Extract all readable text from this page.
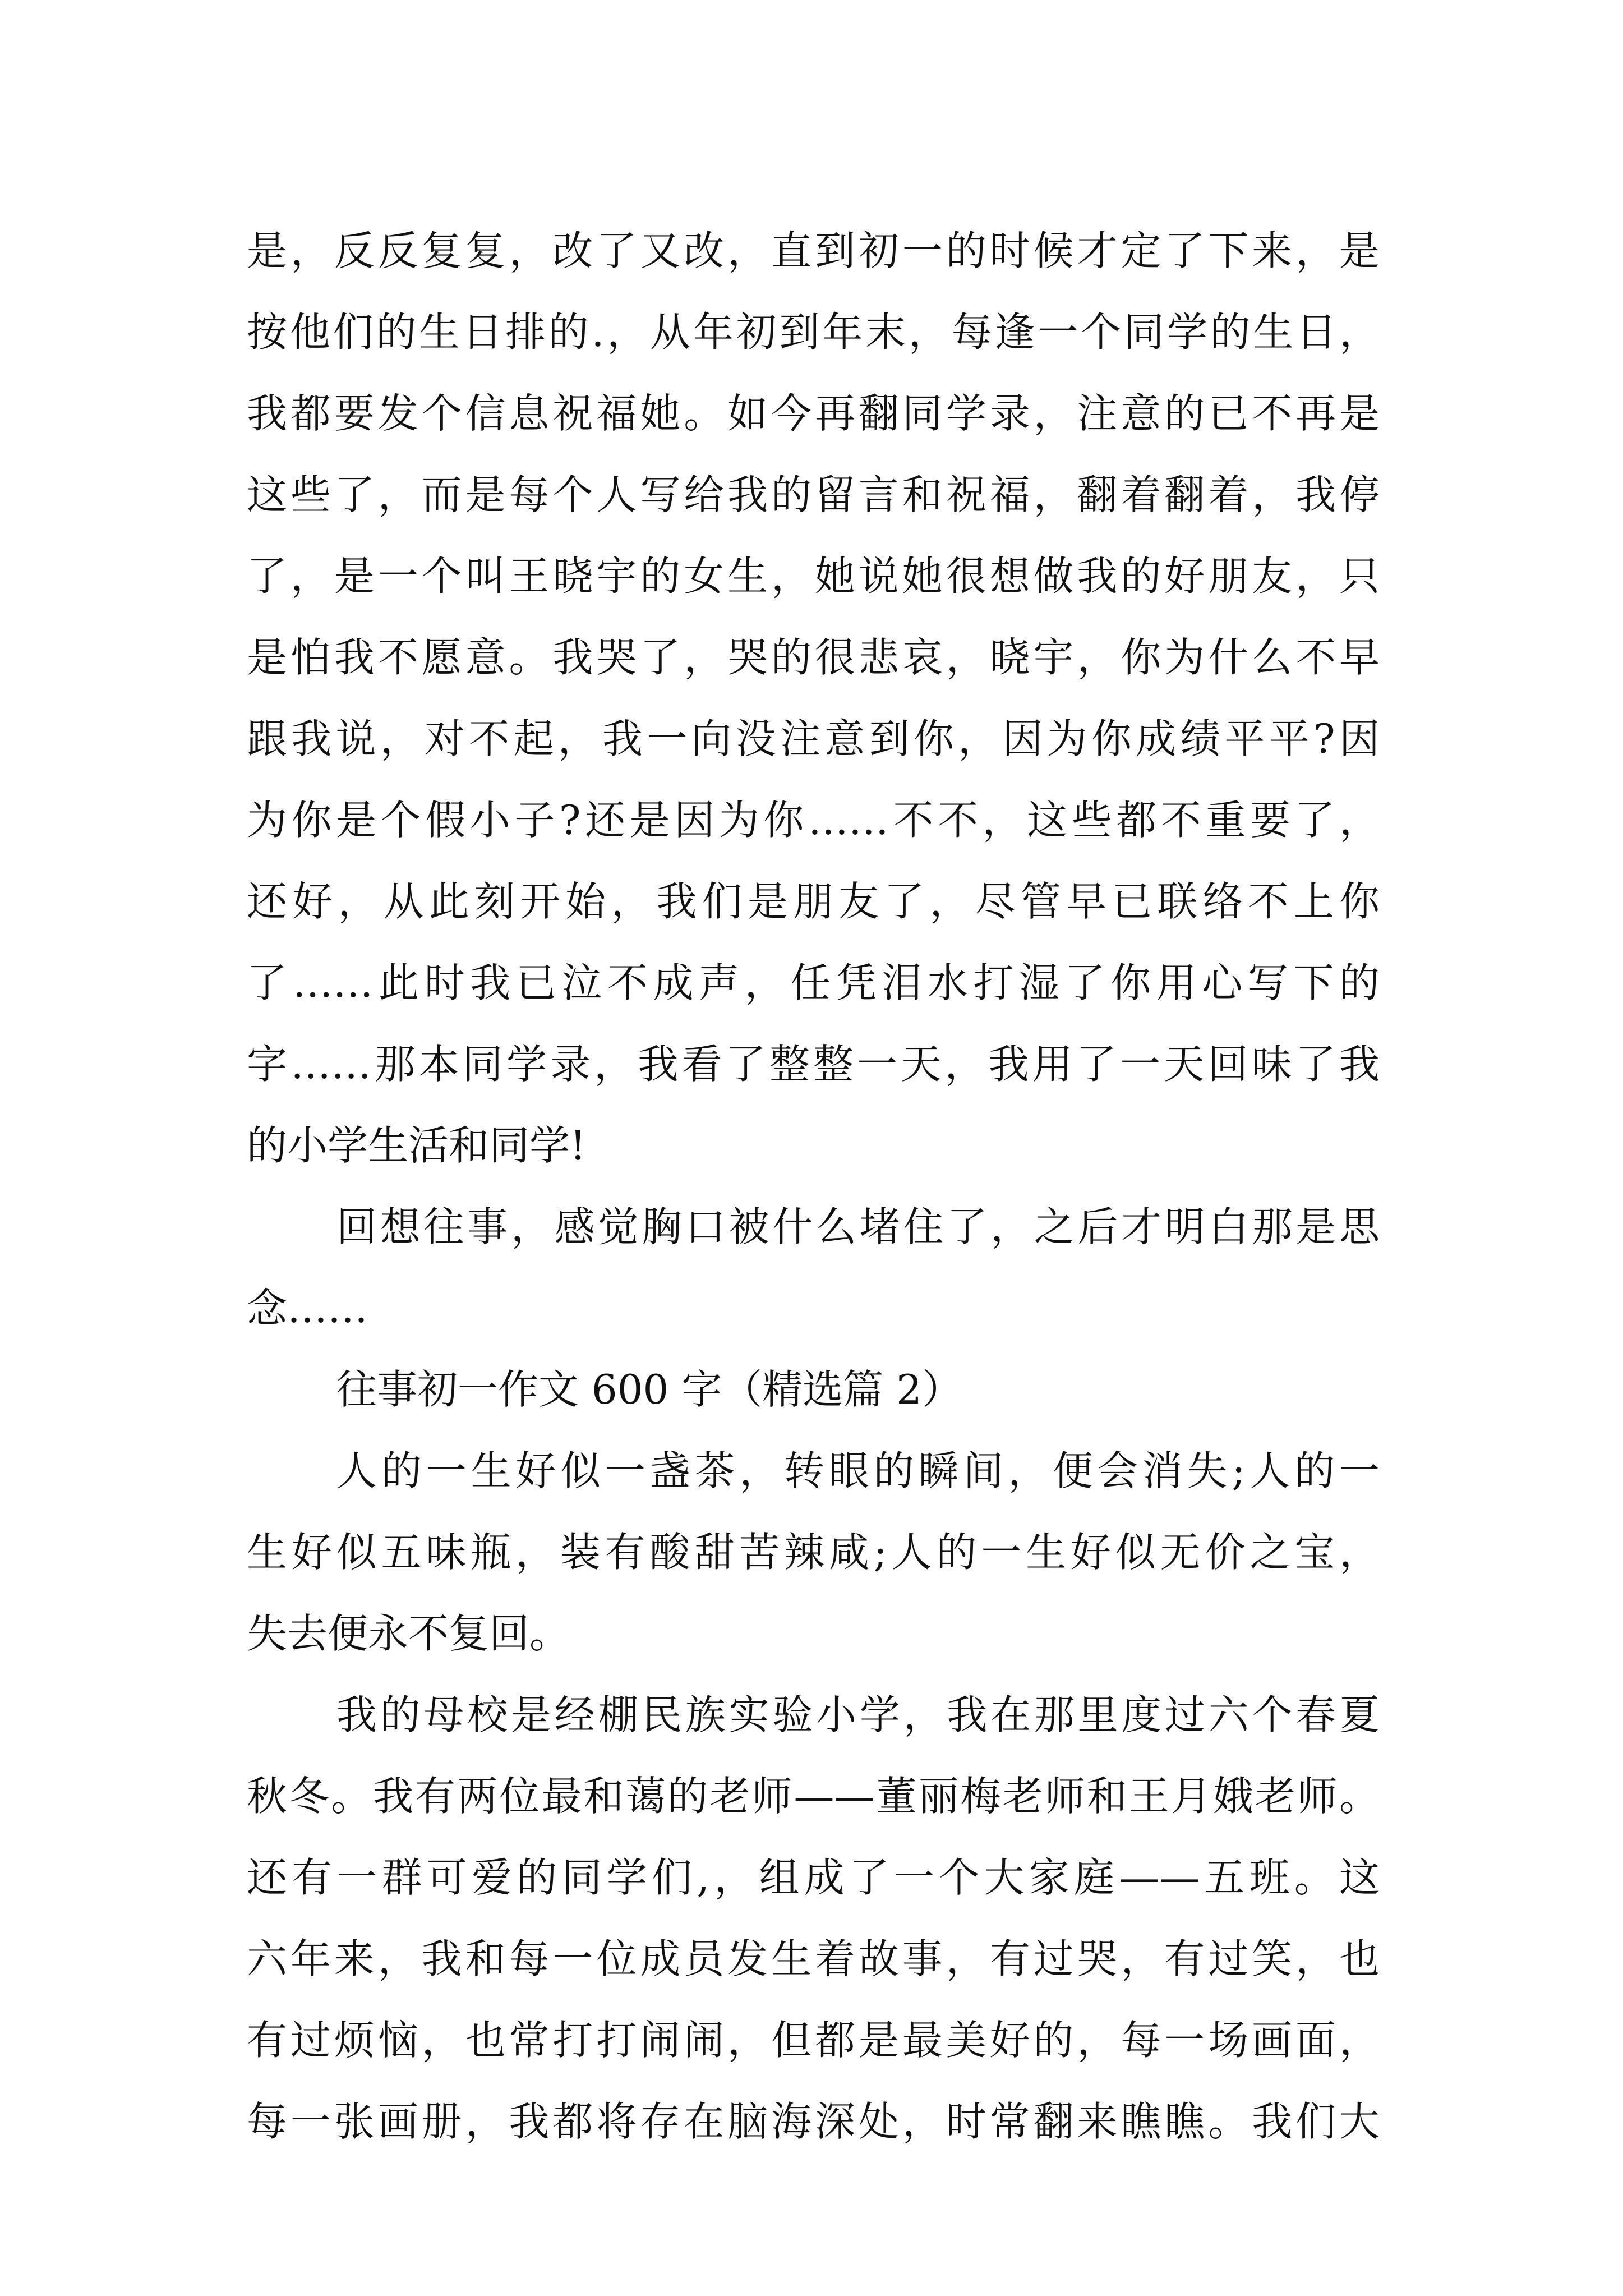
是，反反复复，改了又改，直到初一的时候才定了下来，是
按他们的生日排的.，从年初到年末，每逢一个同学的生日，
我都要发个信息祝福她。如今再翻同学录，注意的已不再是
这些了，而是每个人写给我的留言和祝福，翻着翻着，我停
了，是一个叫王晓宇的女生，她说她很想做我的好朋友，只
是怕我不愿意。我哭了，哭的很悲哀，晓宇，你为什么不早
跟我说，对不起，我一向没注意到你，因为你成绩平平?因
为你是个假小子?还是因为你……不不，这些都不重要了，
还好，从此刻开始，我们是朋友了，尽管早已联络不上你
了……此时我已泣不成声，任凭泪水打湿了你用心写下的
字……那本同学录，我看了整整一天，我用了一天回味了我
的小学生活和同学!
回想往事，感觉胸口被什么堵住了，之后才明白那是思
念……
往事初一作文 600 字（精选篇 2）
人的一生好似一盏茶，转眼的瞬间，便会消失;人的一
生好似五味瓶，装有酸甜苦辣咸;人的一生好似无价之宝，
失去便永不复回。
我的母校是经棚民族实验小学，我在那里度过六个春夏
秋冬。我有两位最和蔼的老师——董丽梅老师和王月娥老师。
还有一群可爱的同学们,，组成了一个大家庭——五班。这
六年来，我和每一位成员发生着故事，有过哭，有过笑，也
有过烦恼，也常打打闹闹，但都是最美好的，每一场画面，
每一张画册，我都将存在脑海深处，时常翻来瞧瞧。我们大
